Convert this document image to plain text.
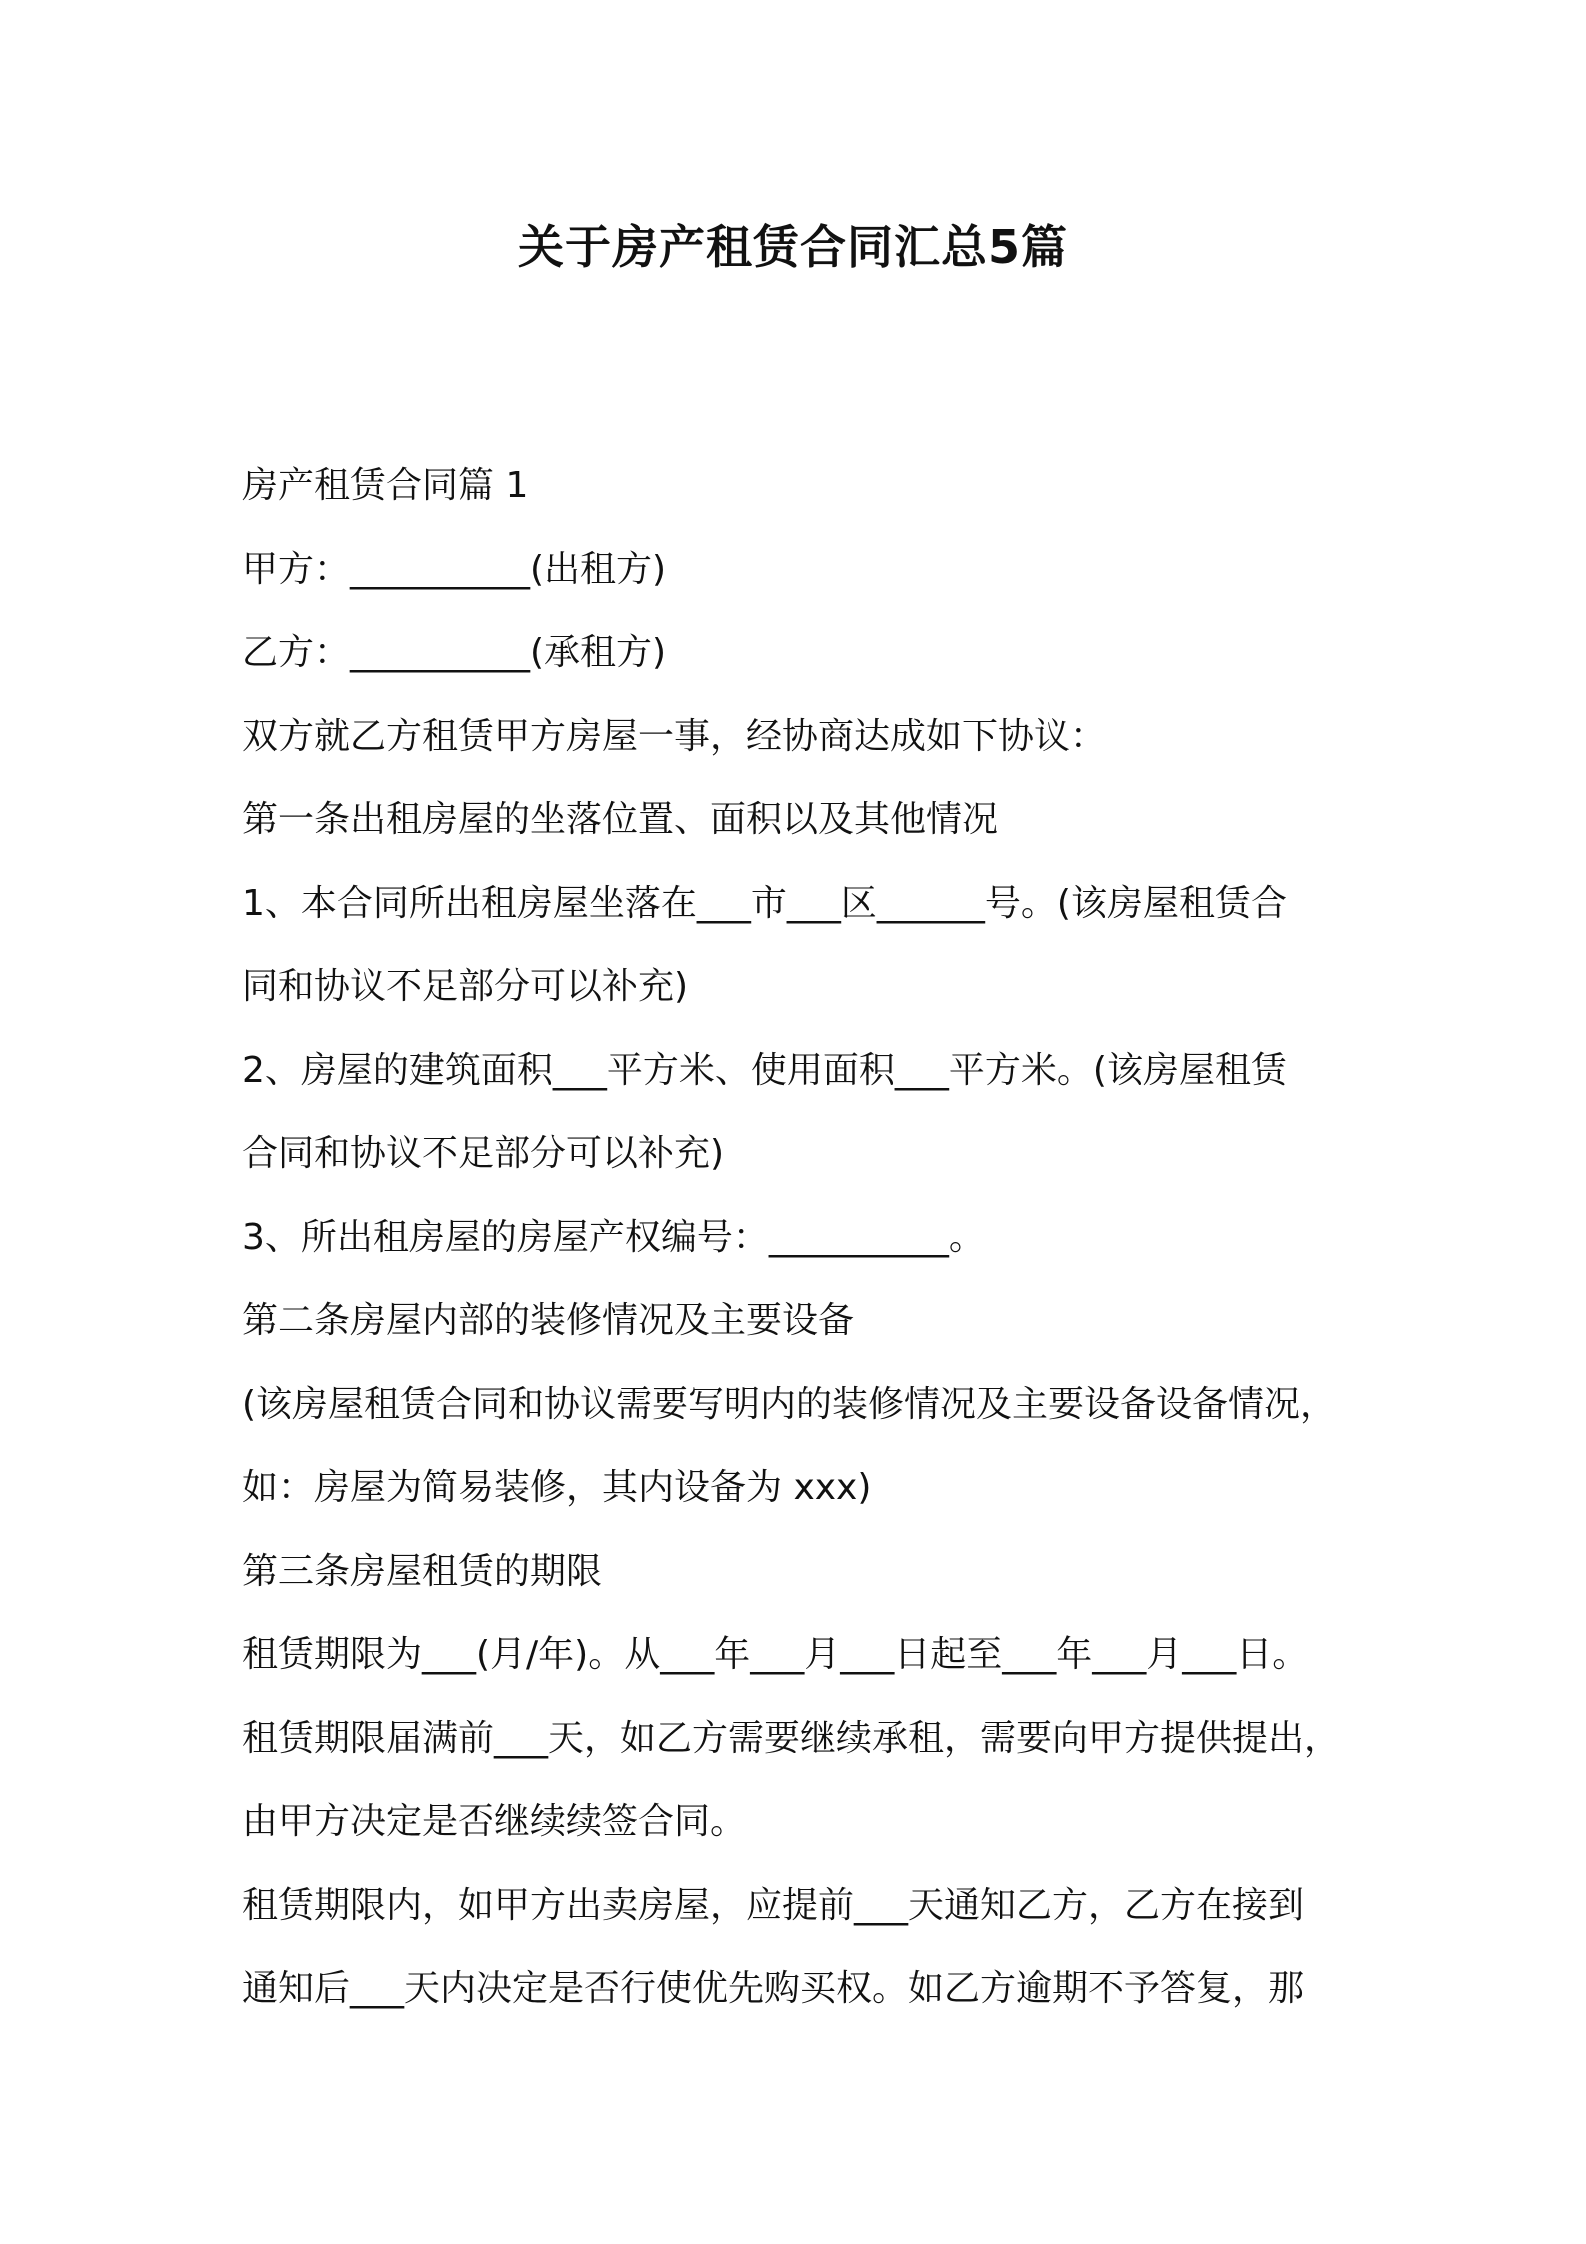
关于房产租赁合同汇总5篇

房产租赁合同篇 1

甲方：__________(出租方)

乙方：__________(承租方)

双方就乙方租赁甲方房屋一事，经协商达成如下协议：

第一条出租房屋的坐落位置、面积以及其他情况

1、本合同所出租房屋坐落在___市___区______号。(该房屋租赁合

同和协议不足部分可以补充)

2、房屋的建筑面积___平方米、使用面积___平方米。(该房屋租赁

合同和协议不足部分可以补充)

3、所出租房屋的房屋产权编号：__________。

第二条房屋内部的装修情况及主要设备

(该房屋租赁合同和协议需要写明内的装修情况及主要设备设备情况，

如：房屋为简易装修，其内设备为 xxx)

第三条房屋租赁的期限

租赁期限为___(月/年)。从___年___月___日起至___年___月___日。

租赁期限届满前___天，如乙方需要继续承租，需要向甲方提供提出，

由甲方决定是否继续续签合同。

租赁期限内，如甲方出卖房屋，应提前___天通知乙方，乙方在接到

通知后___天内决定是否行使优先购买权。如乙方逾期不予答复，那
